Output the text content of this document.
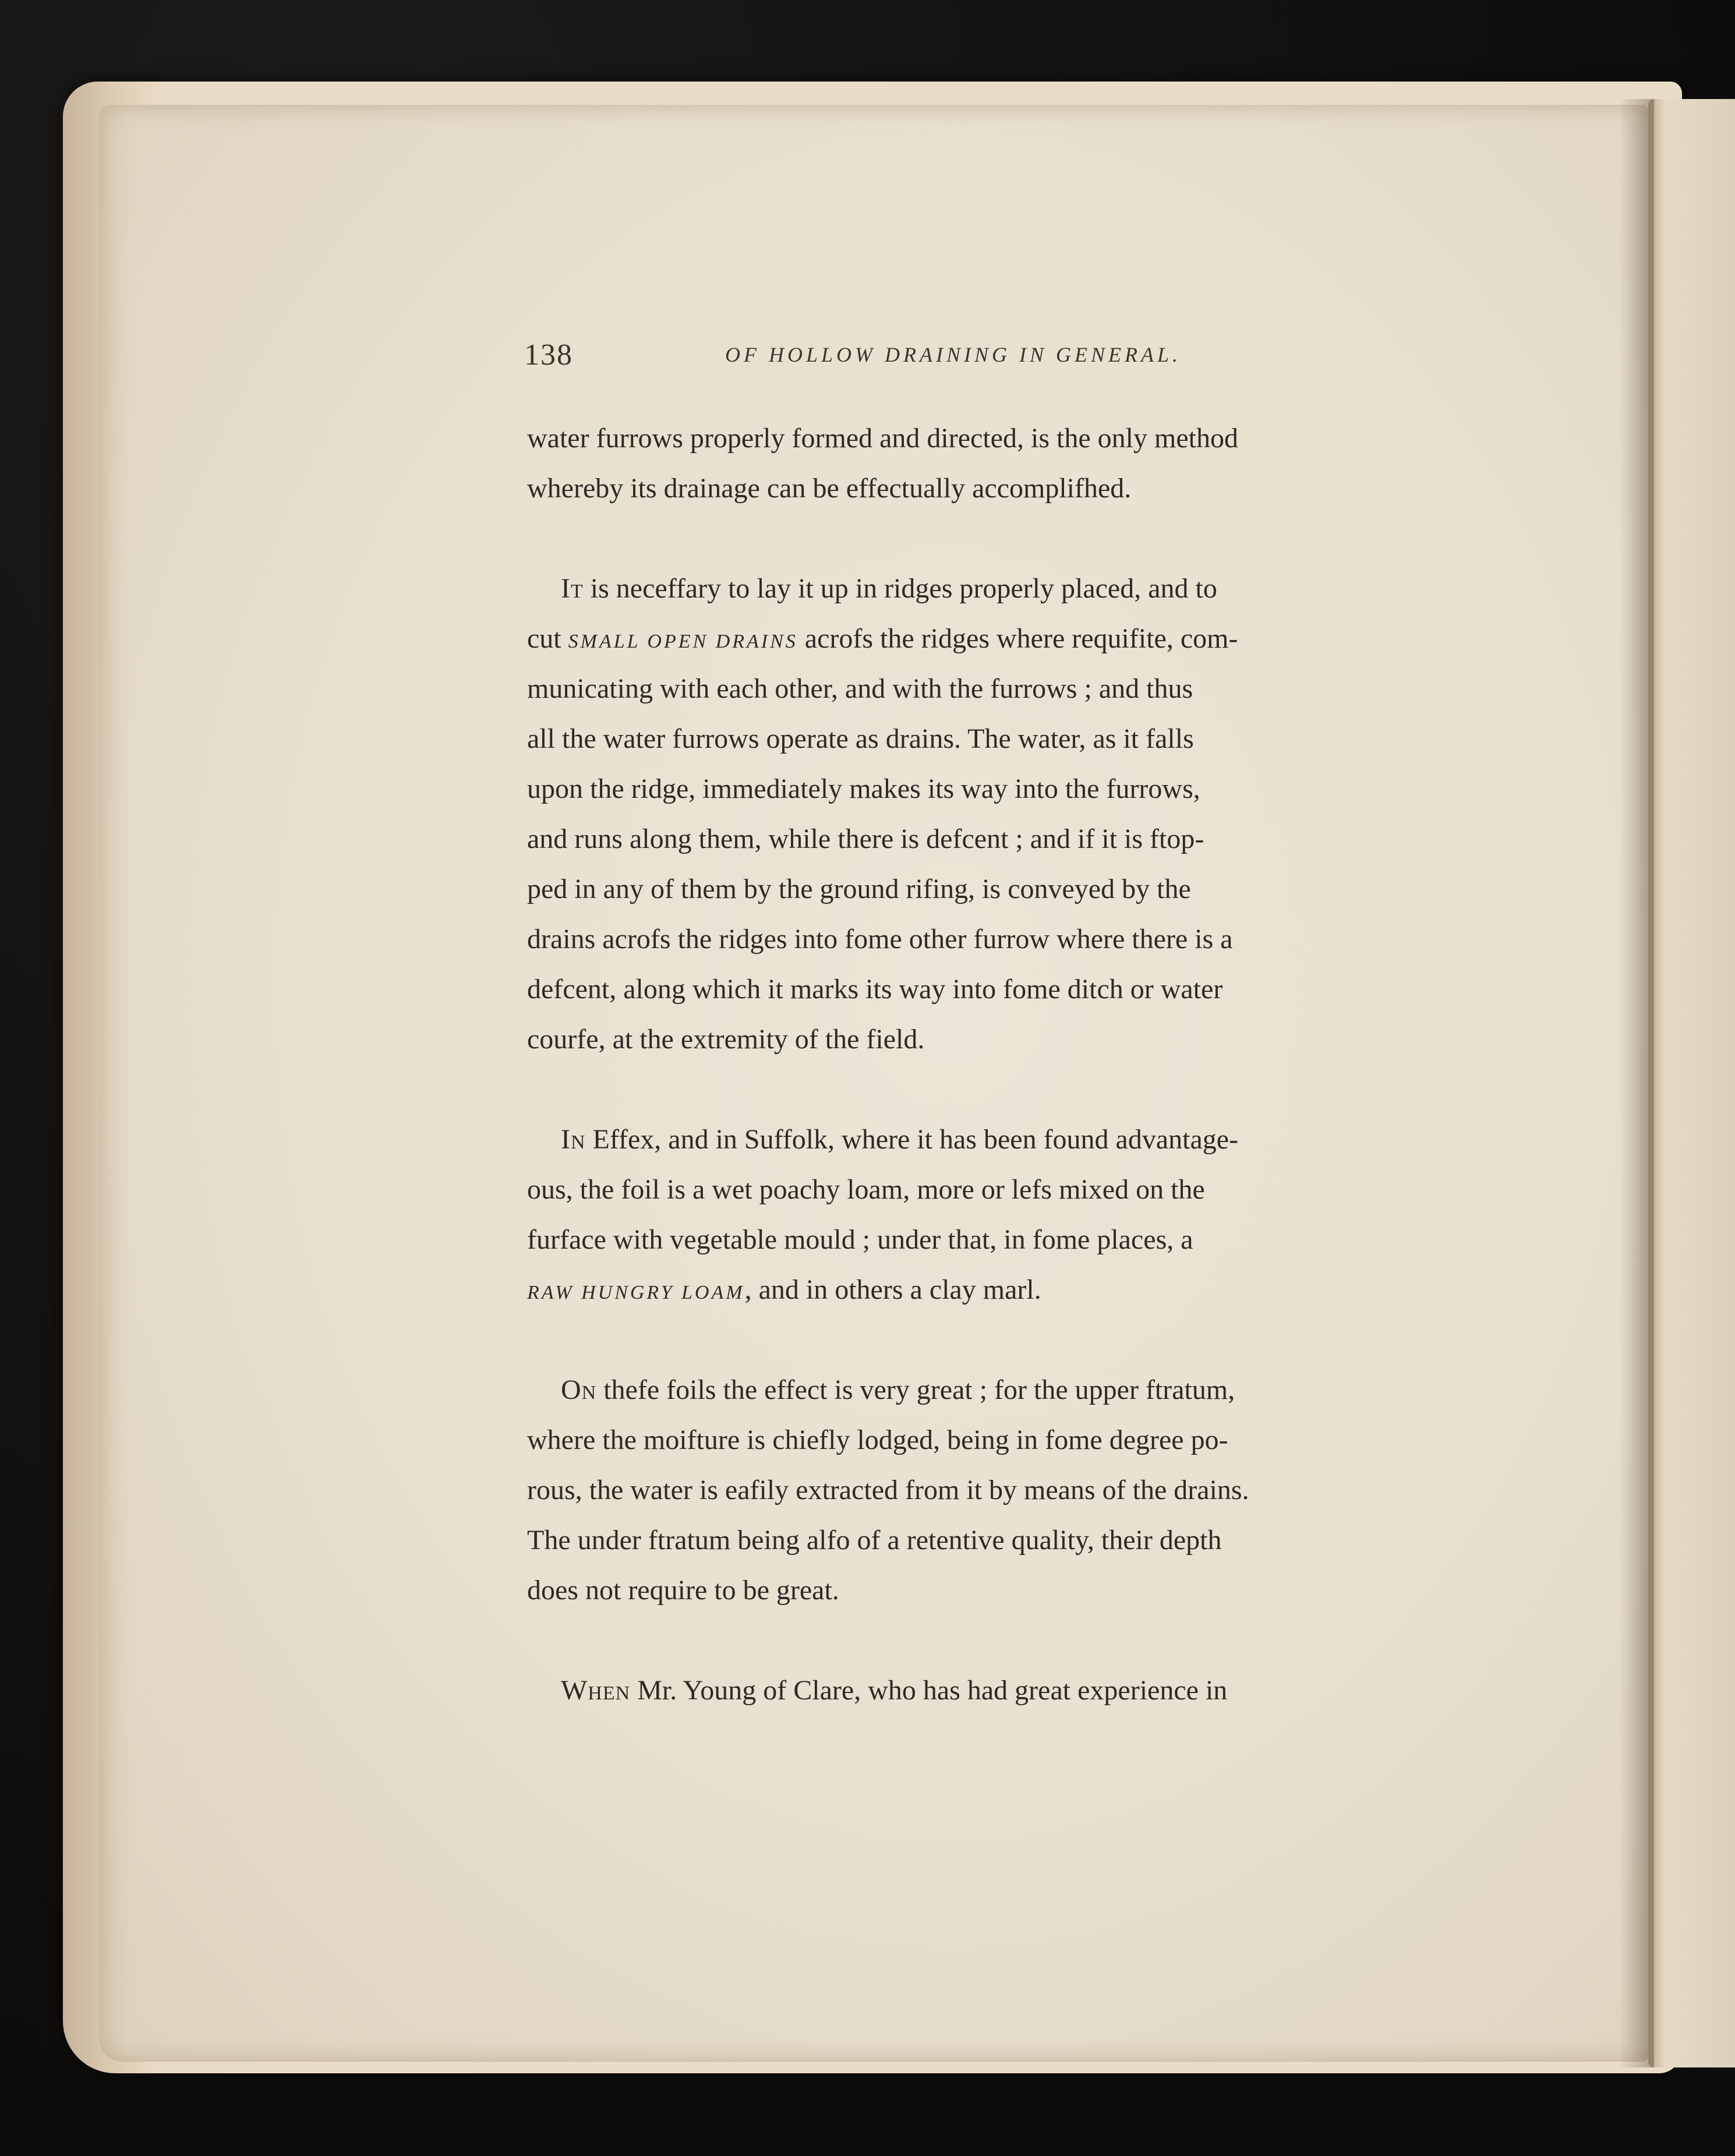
138	OF HOLLOW DRAINING IN GENERAL.
water furrows properly formed and directed, is the only method
whereby its drainage can be effectually accomplifhed.
It is neceffary to lay it up in ridges properly placed, and to
cut SMALL OPEN DRAINS acrofs the ridges where requifite, com-
municating with each other, and with the furrows ; and thus
all the water furrows operate as drains. The water, as it falls
upon the ridge, immediately makes its way into the furrows,
and runs along them, while there is defcent ; and if it is ftop-
ped in any of them by the ground rifing, is conveyed by the
drains acrofs the ridges into fome other furrow where there is a
defcent, along which it marks its way into fome ditch or water
courfe, at the extremity of the field.
In Effex, and in Suffolk, where it has been found advantage-
ous, the foil is a wet poachy loam, more or lefs mixed on the
furface with vegetable mould ; under that, in fome places, a
RAW HUNGRY LOAM, and in others a clay marl.
On thefe foils the effect is very great ; for the upper ftratum,
where the moifture is chiefly lodged, being in fome degree po-
rous, the water is eafily extracted from it by means of the drains.
The under ftratum being alfo of a retentive quality, their depth
does not require to be great.
When Mr. Young of Clare, who has had great experience in
